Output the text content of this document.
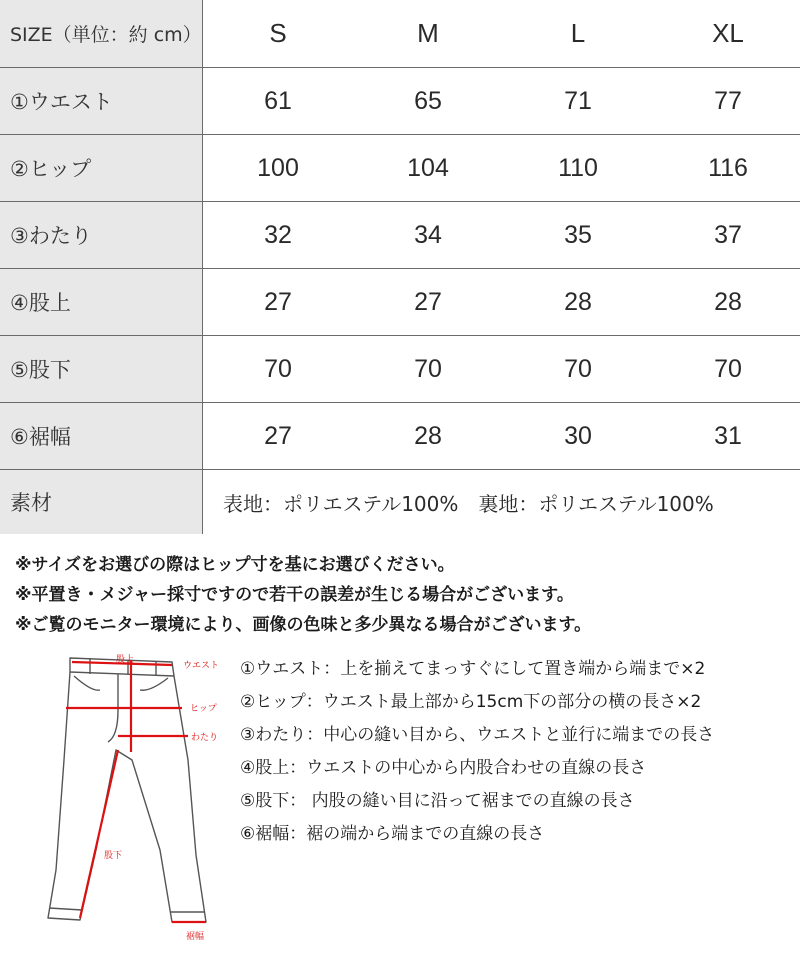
SIZE（単位：約 cm）	S	M	L	XL
①ウエスト	61	65	71	77
②ヒップ	100	104	110	116
③わたり	32	34	35	37
④股上	27	27	28	28
⑤股下	70	70	70	70
⑥裾幅	27	28	30	31
素材	表地：ポリエステル100%　裏地：ポリエステル100%
※サイズをお選びの際はヒップ寸を基にお選びください。
※平置き・メジャー採寸ですので若干の誤差が生じる場合がございます。
※ご覧のモニター環境により、画像の色味と多少異なる場合がございます。
股上
ウエスト
ヒップ
わたり
股下
裾幅
①ウエスト：上を揃えてまっすぐにして置き端から端まで×2
②ヒップ：ウエスト最上部から15cm下の部分の横の長さ×2
③わたり：中心の縫い目から、ウエストと並行に端までの長さ
④股上：ウエストの中心から内股合わせの直線の長さ
⑤股下： 内股の縫い目に沿って裾までの直線の長さ
⑥裾幅：裾の端から端までの直線の長さ
